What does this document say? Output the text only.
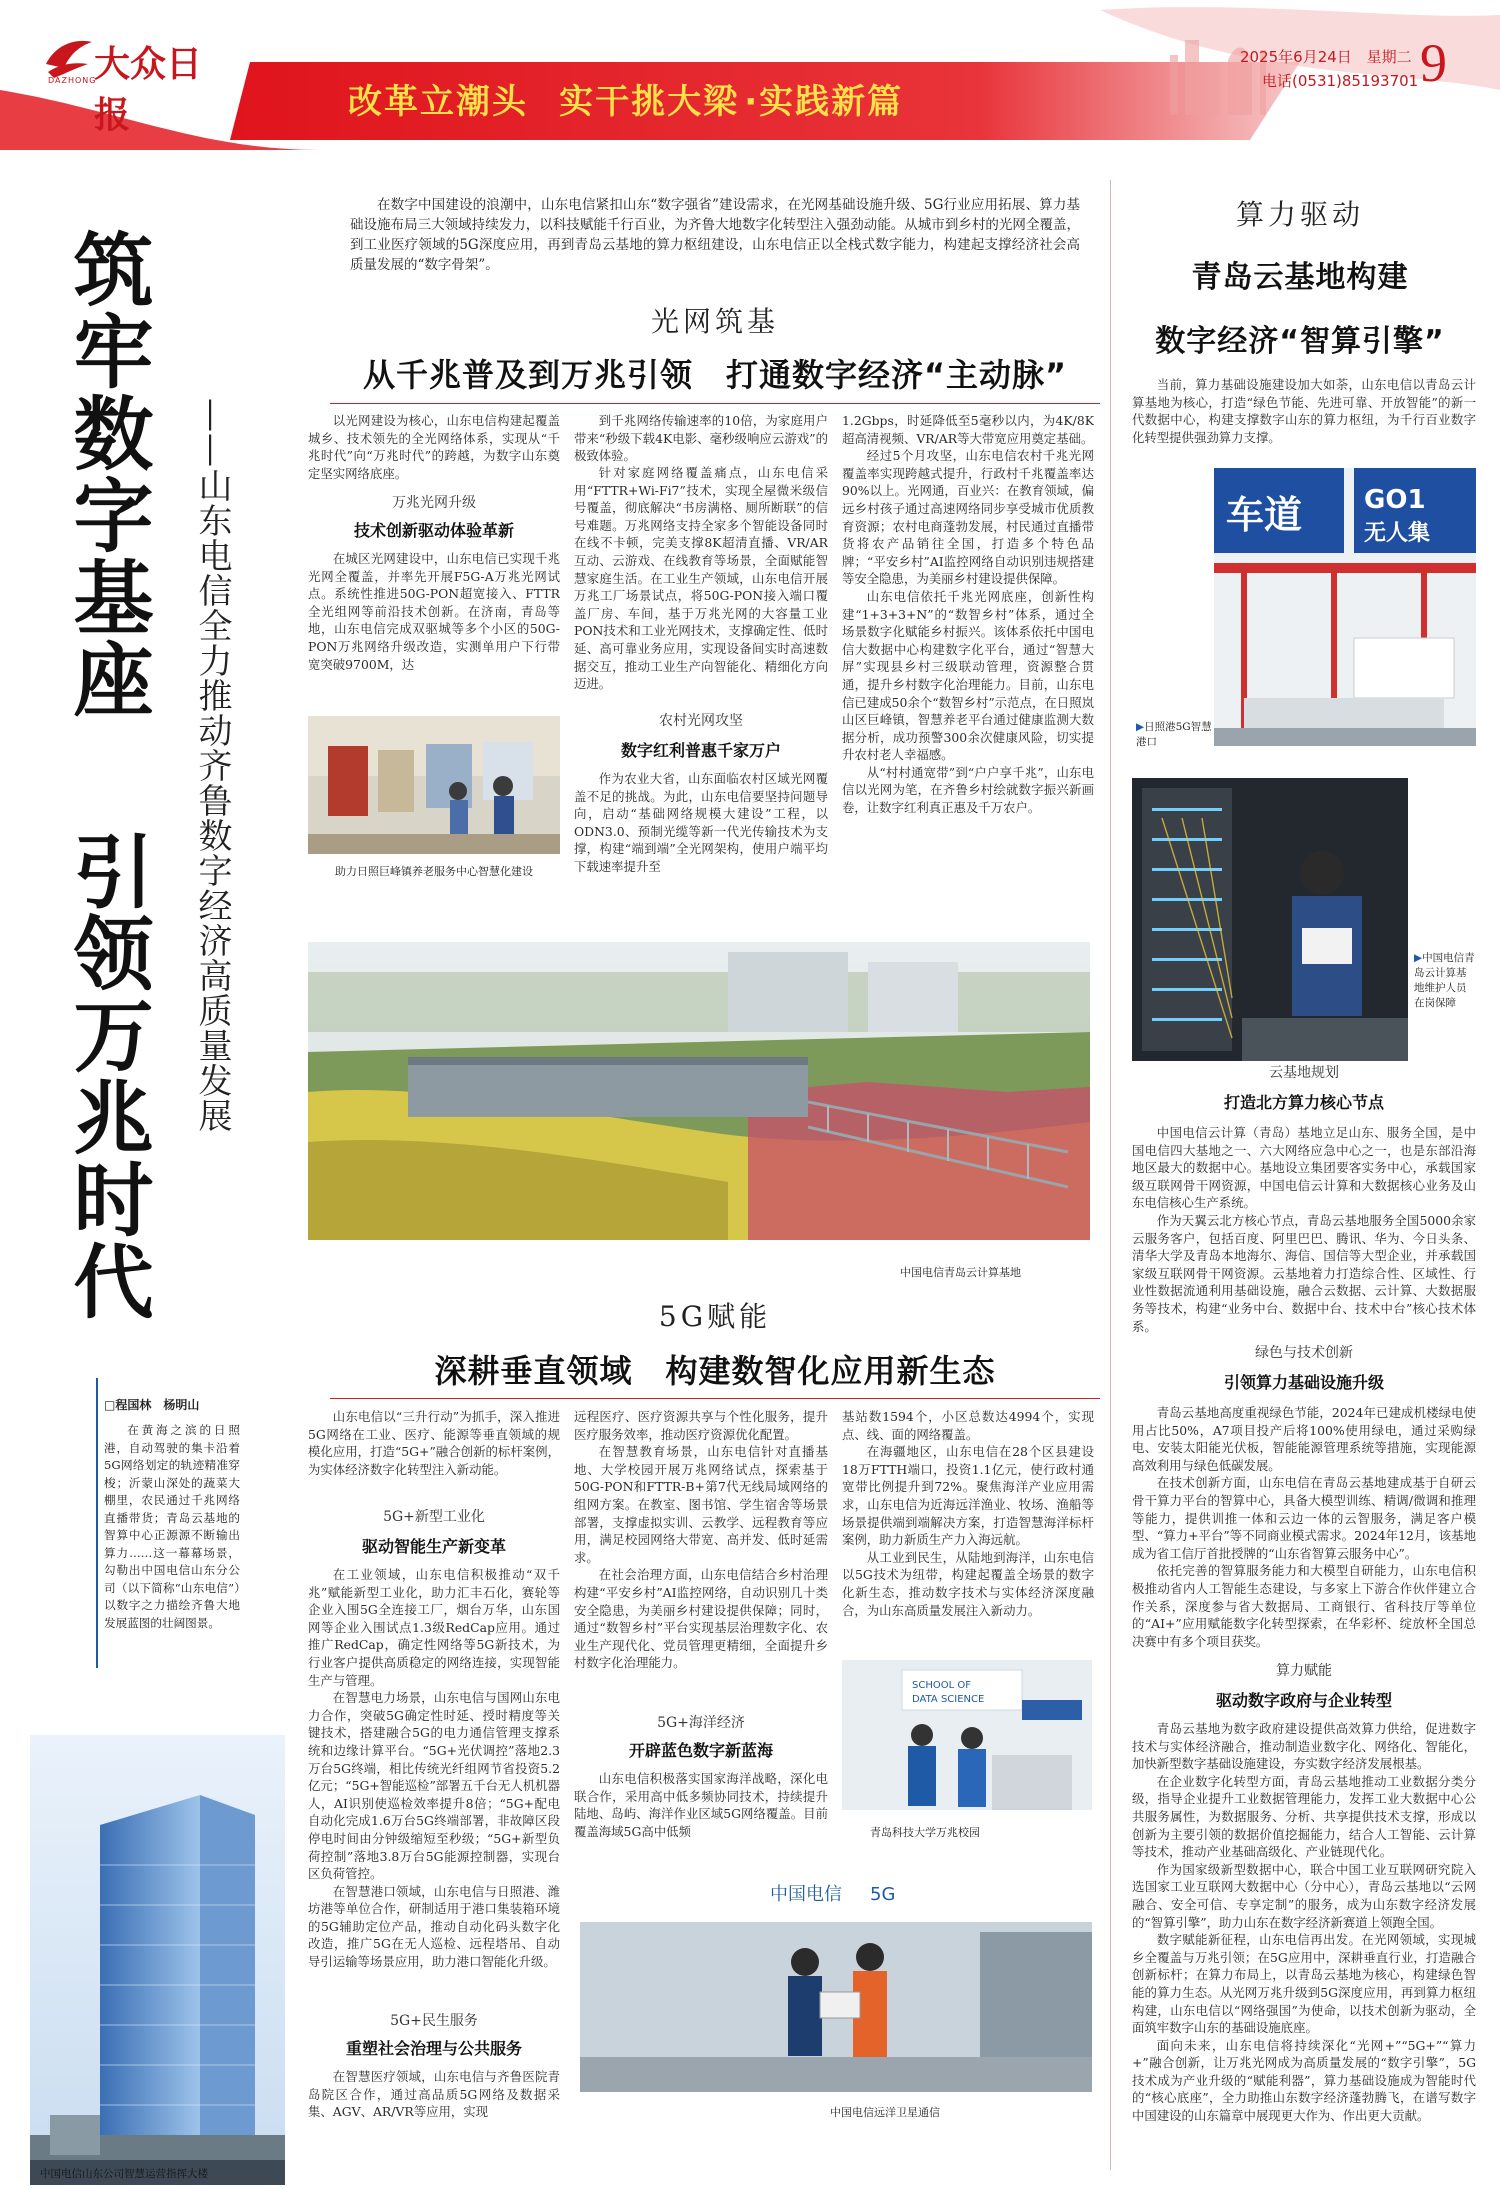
大众日报
DAZHONG
改革立潮头 实干挑大梁 ·实践新篇
2025年6月24日 星期二
电话(0531)85193701 9
筑牢数字基座
引领万兆时代 ——山东电信全力推动齐鲁数字经济高质量发展
□程国林　杨明山
在黄海之滨的日照港，自动驾驶的集卡沿着5G网络划定的轨迹精准穿梭；沂蒙山深处的蔬菜大棚里，农民通过千兆网络直播带货；青岛云基地的智算中心正源源不断输出算力……这一幕幕场景，勾勒出中国电信山东分公司（以下简称“山东电信”）以数字之力描绘齐鲁大地发展蓝图的壮阔图景。
中国电信山东公司智慧运营指挥大楼
在数字中国建设的浪潮中，山东电信紧扣山东“数字强省”建设需求，在光网基础设施升级、5G行业应用拓展、算力基础设施布局三大领域持续发力，以科技赋能千行百业，为齐鲁大地数字化转型注入强劲动能。从城市到乡村的光网全覆盖，到工业医疗领域的5G深度应用，再到青岛云基地的算力枢纽建设，山东电信正以全栈式数字能力，构建起支撑经济社会高质量发展的“数字骨架”。
光网筑基
从千兆普及到万兆引领　打通数字经济“主动脉”

以光网建设为核心，山东电信构建起覆盖城乡、技术领先的全光网络体系，实现从“千兆时代”向“万兆时代”的跨越，为数字山东奠定坚实网络底座。

万兆光网升级
技术创新驱动体验革新

在城区光网建设中，山东电信已实现千兆光网全覆盖，并率先开展F5G-A万兆光网试点。系统性推进50G-PON超宽接入、FTTR全光组网等前沿技术创新。在济南，青岛等地，山东电信完成双驱城等多个小区的50G-PON万兆网络升级改造，实测单用户下行带宽突破9700M，达

助力日照巨峰镇养老服务中心智慧化建设

到千兆网络传输速率的10倍，为家庭用户带来“秒级下载4K电影、毫秒级响应云游戏”的极致体验。

针对家庭网络覆盖痛点，山东电信采用“FTTR+Wi-Fi7”技术，实现全屋微米级信号覆盖，彻底解决“书房满格、厕所断联”的信号难题。万兆网络支持全家多个智能设备同时在线不卡顿，完美支撑8K超清直播、VR/AR互动、云游戏、在线教育等场景，全面赋能智慧家庭生活。在工业生产领域，山东电信开展万兆工厂场景试点，将50G-PON接入端口覆盖厂房、车间，基于万兆光网的大容量工业PON技术和工业光网技术，支撑确定性、低时延、高可靠业务应用，实现设备间实时高速数据交互，推动工业生产向智能化、精细化方向迈进。

农村光网攻坚
数字红利普惠千家万户

作为农业大省，山东面临农村区域光网覆盖不足的挑战。为此，山东电信要坚持问题导向，启动“基础网络规模大建设”工程，以ODN3.0、预制光缆等新一代光传输技术为支撑，构建“端到端”全光网架构，使用户端平均下载速率提升至

1.2Gbps，时延降低至5毫秒以内，为4K/8K超高清视频、VR/AR等大带宽应用奠定基础。

经过5个月攻坚，山东电信农村千兆光网覆盖率实现跨越式提升，行政村千兆覆盖率达90%以上。光网通，百业兴：在教育领域，偏远乡村孩子通过高速网络同步享受城市优质教育资源；农村电商蓬勃发展，村民通过直播带货将农产品销往全国，打造多个特色品牌；“平安乡村”AI监控网络自动识别违规搭建等安全隐患，为美丽乡村建设提供保障。

山东电信依托千兆光网底座，创新性构建“1+3+3+N”的“数智乡村”体系，通过全场景数字化赋能乡村振兴。该体系依托中国电信大数据中心构建数字化平台，通过“智慧大屏”实现县乡村三级联动管理，资源整合贯通，提升乡村数字化治理能力。目前，山东电信已建成50余个“数智乡村”示范点，在日照岚山区巨峰镇，智慧养老平台通过健康监测大数据分析，成功预警300余次健康风险，切实提升农村老人幸福感。

从“村村通宽带”到“户户享千兆”，山东电信以光网为笔，在齐鲁乡村绘就数字振兴新画卷，让数字红利真正惠及千万农户。

中国电信青岛云计算基地
5G赋能
深耕垂直领域　构建数智化应用新生态

山东电信以“三升行动”为抓手，深入推进5G网络在工业、医疗、能源等垂直领域的规模化应用，打造“5G+”融合创新的标杆案例，为实体经济数字化转型注入新动能。

5G+新型工业化
驱动智能生产新变革

在工业领域，山东电信积极推动“双千兆”赋能新型工业化，助力汇丰石化，赛轮等企业入围5G全连接工厂，烟台万华，山东国网等企业入围试点1.3级RedCap应用。通过推广RedCap，确定性网络等5G新技术，为行业客户提供高质稳定的网络连接，实现智能生产与管理。

在智慧电力场景，山东电信与国网山东电力合作，突破5G确定性时延、授时精度等关键技术，搭建融合5G的电力通信管理支撑系统和边缘计算平台。“5G+光伏调控”落地2.3万台5G终端，相比传统光纤组网节省投资5.2亿元；“5G+智能巡检”部署五千台无人机机器人，AI识别使巡检效率提升8倍；“5G+配电自动化完成1.6万台5G终端部署，非故障区段停电时间由分钟级缩短至秒级；“5G+新型负荷控制”落地3.8万台5G能源控制器，实现台区负荷管控。

在智慧港口领域，山东电信与日照港、潍坊港等单位合作，研制适用于港口集装箱环境的5G辅助定位产品，推动自动化码头数字化改造，推广5G在无人巡检、远程塔吊、自动导引运输等场景应用，助力港口智能化升级。

5G+民生服务
重塑社会治理与公共服务

在智慧医疗领域，山东电信与齐鲁医院青岛院区合作，通过高品质5G网络及数据采集、AGV、AR/VR等应用，实现

远程医疗、医疗资源共享与个性化服务，提升医疗服务效率，推动医疗资源优化配置。

在智慧教育场景，山东电信针对直播基地、大学校园开展万兆网络试点，探索基于50G-PON和FTTR-B+第7代无线局域网络的组网方案。在教室、图书馆、学生宿舍等场景部署，支撑虚拟实训、云教学、远程教育等应用，满足校园网络大带宽、高并发、低时延需求。

在社会治理方面，山东电信结合乡村治理构建“平安乡村”AI监控网络，自动识别几十类安全隐患，为美丽乡村建设提供保障；同时，通过“数智乡村”平台实现基层治理数字化、农业生产现代化、党员管理更精细，全面提升乡村数字化治理能力。

5G+海洋经济
开辟蓝色数字新蓝海

山东电信积极落实国家海洋战略，深化电联合作，采用高中低多频协同技术，持续提升陆地、岛屿、海洋作业区域5G网络覆盖。目前覆盖海域5G高中低频

基站数1594个，小区总数达4994个，实现点、线、面的网络覆盖。

在海疆地区，山东电信在28个区县建设18万FTTH端口，投资1.1亿元，使行政村通宽带比例提升到72%。聚焦海洋产业应用需求，山东电信为近海远洋渔业、牧场、渔船等场景提供端到端解决方案，打造智慧海洋标杆案例，助力新质生产力入海远航。

从工业到民生，从陆地到海洋，山东电信以5G技术为纽带，构建起覆盖全场景的数字化新生态，推动数字技术与实体经济深度融合，为山东高质量发展注入新动力。

SCHOOL OF
DATA SCIENCE
青岛科技大学万兆校园
中国电信 5G
中国电信远洋卫星通信
算力驱动
青岛云基地构建
数字经济“智算引擎”

当前，算力基础设施建设加大如荼，山东电信以青岛云计算基地为核心，打造“绿色节能、先进可靠、开放智能”的新一代数据中心，构建支撑数字山东的算力枢纽，为千行百业数字化转型提供强劲算力支撑。

车道 GO1
无人集
▶日照港5G智慧港口
▶中国电信青岛云计算基地维护人员在岗保障
云基地规划
打造北方算力核心节点

中国电信云计算（青岛）基地立足山东、服务全国，是中国电信四大基地之一、六大网络应急中心之一，也是东部沿海地区最大的数据中心。基地设立集团要客实务中心，承载国家级互联网骨干网资源，中国电信云计算和大数据核心业务及山东电信核心生产系统。

作为天翼云北方核心节点，青岛云基地服务全国5000余家云服务客户，包括百度、阿里巴巴、腾讯、华为、今日头条、清华大学及青岛本地海尔、海信、国信等大型企业，并承载国家级互联网骨干网资源。云基地着力打造综合性、区域性、行业性数据流通利用基础设施，融合云数据、云计算、大数据服务等技术，构建“业务中台、数据中台、技术中台”核心技术体系。

绿色与技术创新
引领算力基础设施升级

青岛云基地高度重视绿色节能，2024年已建成机楼绿电使用占比50%，A7项目投产后将100%使用绿电，通过采购绿电、安装太阳能光伏板，智能能源管理系统等措施，实现能源高效利用与绿色低碳发展。

在技术创新方面，山东电信在青岛云基地建成基于自研云骨干算力平台的智算中心，具备大模型训练、精调/微调和推理等能力，提供训推一体和云边一体的云智服务，满足客户模型、“算力+平台”等不同商业模式需求。2024年12月，该基地成为省工信厅首批授牌的“山东省智算云服务中心”。

依托完善的智算服务能力和大模型自研能力，山东电信积极推动省内人工智能生态建设，与多家上下游合作伙伴建立合作关系，深度参与省大数据局、工商银行、省科技厅等单位的“AI+”应用赋能数字化转型探索，在华彩杯、绽放杯全国总决赛中有多个项目获奖。

算力赋能
驱动数字政府与企业转型

青岛云基地为数字政府建设提供高效算力供给，促进数字技术与实体经济融合，推动制造业数字化、网络化、智能化，加快新型数字基础设施建设，夯实数字经济发展根基。

在企业数字化转型方面，青岛云基地推动工业数据分类分级，指导企业提升工业数据管理能力，发挥工业大数据中心公共服务属性，为数据服务、分析、共享提供技术支撑，形成以创新为主要引领的数据价值挖掘能力，结合人工智能、云计算等技术，推动产业基础高级化、产业链现代化。

作为国家级新型数据中心，联合中国工业互联网研究院入选国家工业互联网大数据中心（分中心），青岛云基地以“云网融合、安全可信、专享定制”的服务，成为山东数字经济发展的“智算引擎”，助力山东在数字经济新赛道上领跑全国。

数字赋能新征程，山东电信再出发。在光网领域，实现城乡全覆盖与万兆引领；在5G应用中，深耕垂直行业，打造融合创新标杆；在算力布局上，以青岛云基地为核心，构建绿色智能的算力生态。从光网万兆升级到5G深度应用，再到算力枢纽构建，山东电信以“网络强国”为使命，以技术创新为驱动，全面筑牢数字山东的基础设施底座。

面向未来，山东电信将持续深化“光网+”“5G+”“算力+”融合创新，让万兆光网成为高质量发展的“数字引擎”，5G技术成为产业升级的“赋能利器”，算力基础设施成为智能时代的“核心底座”，全力助推山东数字经济蓬勃腾飞，在谱写数字中国建设的山东篇章中展现更大作为、作出更大贡献。
